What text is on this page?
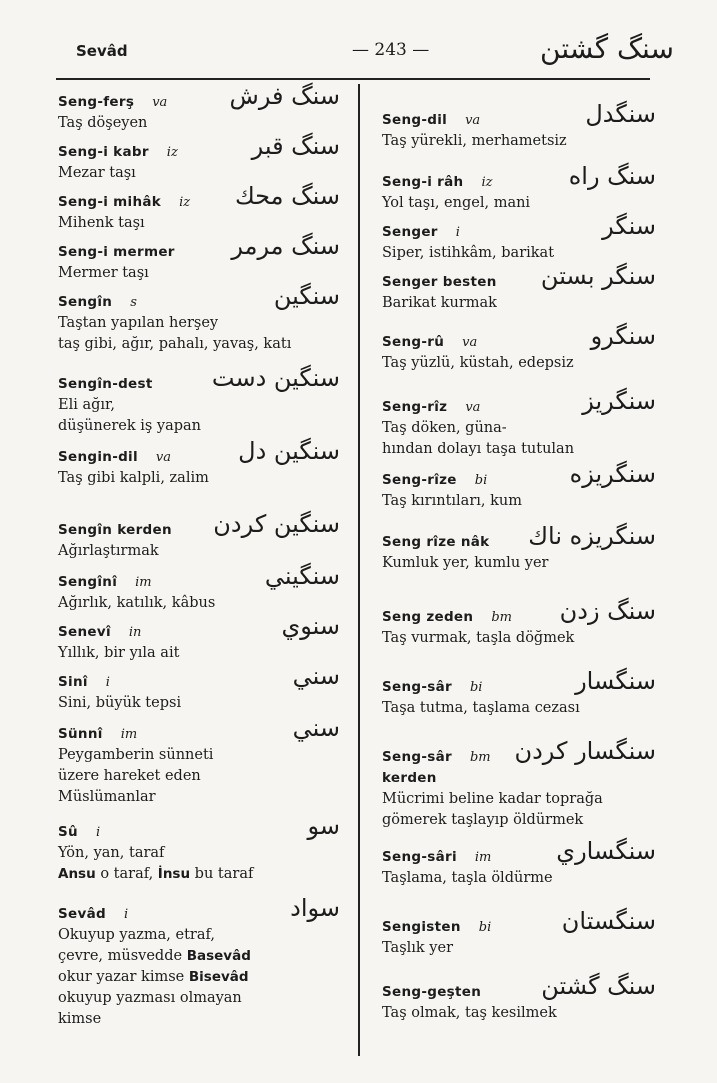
Sevâd	— 243 —	سنگ گشتن
Seng-ferş va	سنگ فرش
Taş döşeyen
Seng-i kabr iz	سنگ قبر
Mezar taşı
Seng-i mihâk iz	سنگ محك
Mihenk taşı
Seng-i mermer	سنگ مرمر
Mermer taşı
Sengîn s	سنگين
Taştan yapılan herşey
taş gibi, ağır, pahalı, yavaş, katı
Sengîn-dest	سنگين دست
Eli ağır,
düşünerek iş yapan
Sengin-dil va	سنگين دل
Taş gibi kalpli, zalim
Sengîn kerden	سنگين كردن
Ağırlaştırmak
Sengînî im	سنگيني
Ağırlık, katılık, kâbus
Senevî in	سنوي
Yıllık, bir yıla ait
Sinî i	سني
Sini, büyük tepsi
Sünnî im	سني
Peygamberin sünneti
üzere hareket eden
Müslümanlar
Sû i	سو
Yön, yan, taraf
Ansu o taraf, İnsu bu taraf
Sevâd i	سواد
Okuyup yazma, etraf,
çevre, müsvedde Basevâd
okur yazar kimse Bisevâd
okuyup yazması olmayan
kimse
Seng-dil va	سنگدل
Taş yürekli, merhametsiz
Seng-i râh iz	سنگ راه
Yol taşı, engel, mani
Senger i	سنگر
Siper, istihkâm, barikat
Senger besten	سنگر بستن
Barikat kurmak
Seng-rû va	سنگرو
Taş yüzlü, küstah, edepsiz
Seng-rîz va	سنگريز
Taş döken, güna-
hından dolayı taşa tutulan
Seng-rîze bi	سنگريزه
Taş kırıntıları, kum
Seng rîze nâk	سنگريزه ناك
Kumluk yer, kumlu yer
Seng zeden bm	سنگ زدن
Taş vurmak, taşla döğmek
Seng-sâr bi	سنگسار
Taşa tutma, taşlama cezası
Seng-sâr bm
kerden
سنگسار كردن
Mücrimi beline kadar toprağa
gömerek taşlayıp öldürmek
Seng-sâri im	سنگساري
Taşlama, taşla öldürme
Sengisten bi	سنگستان
Taşlık yer
Seng-geşten	سنگ گشتن
Taş olmak, taş kesilmek
